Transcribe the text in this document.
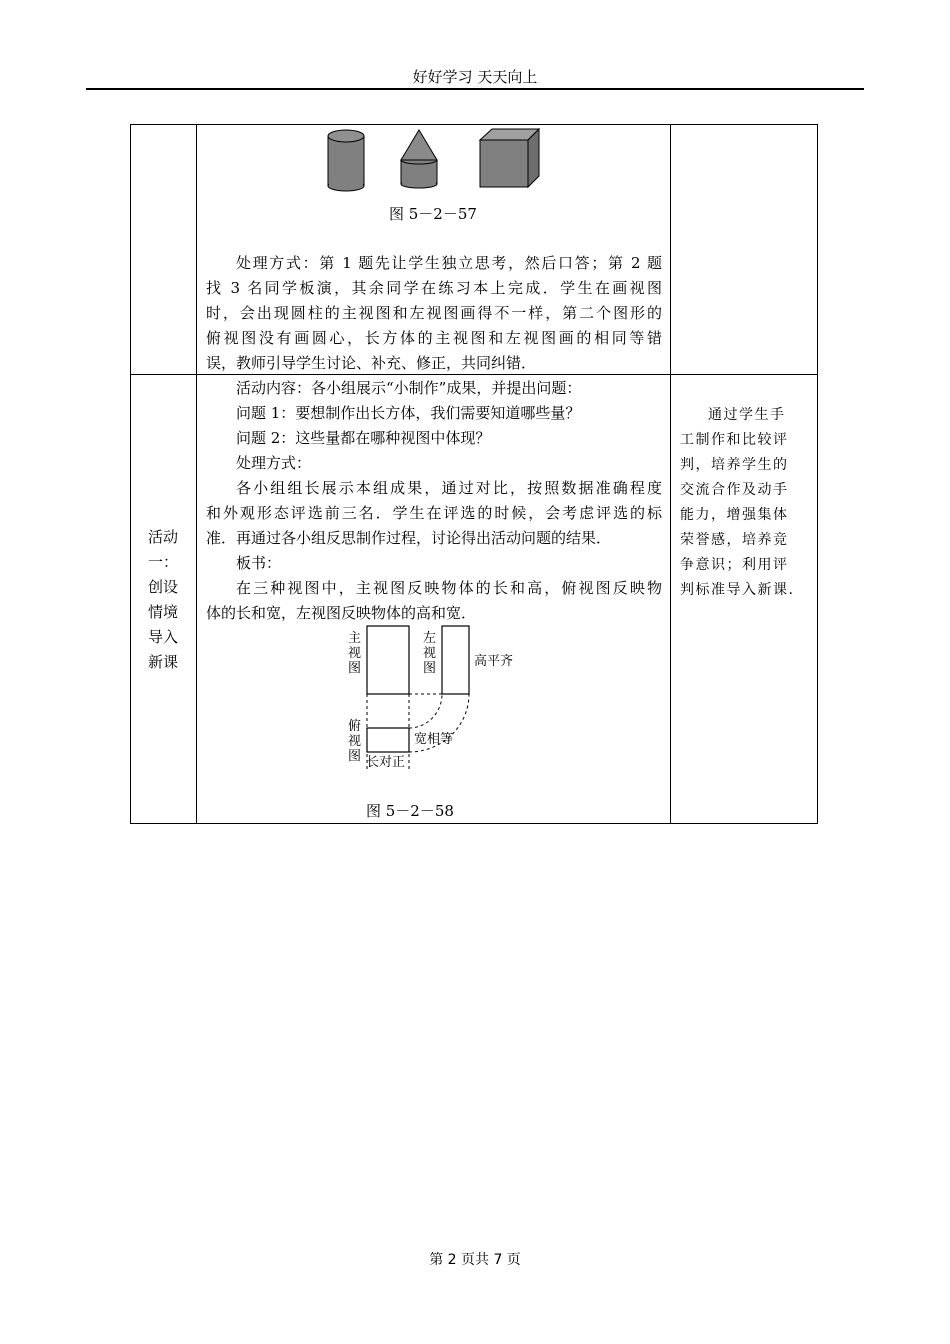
好好学习 天天向上
图 5－2－57
处理方式：第 1 题先让学生独立思考，然后口答；第 2 题
找 3 名同学板演，其余同学在练习本上完成．学生在画视图
时，会出现圆柱的主视图和左视图画得不一样，第二个图形的
俯视图没有画圆心，长方体的主视图和左视图画的相同等错
误，教师引导学生讨论、补充、修正，共同纠错．
活动
一：
创设
情境
导入
新课
通过学生手
工制作和比较评
判，培养学生的
交流合作及动手
能力，增强集体
荣誉感，培养竞
争意识；利用评
判标准导入新课.
活动内容：各小组展示“小制作”成果，并提出问题：
问题 1：要想制作出长方体，我们需要知道哪些量？
问题 2：这些量都在哪种视图中体现？
处理方式：
各小组组长展示本组成果，通过对比，按照数据准确程度
和外观形态评选前三名．学生在评选的时候，会考虑评选的标
准．再通过各小组反思制作过程，讨论得出活动问题的结果．
板书：
在三种视图中，主视图反映物体的长和高，俯视图反映物
体的长和宽，左视图反映物体的高和宽．
主
视
图
左
视
图
俯
视
图
高平齐
宽相等
长对正
图 5－2－58
第 2 页共 7 页
